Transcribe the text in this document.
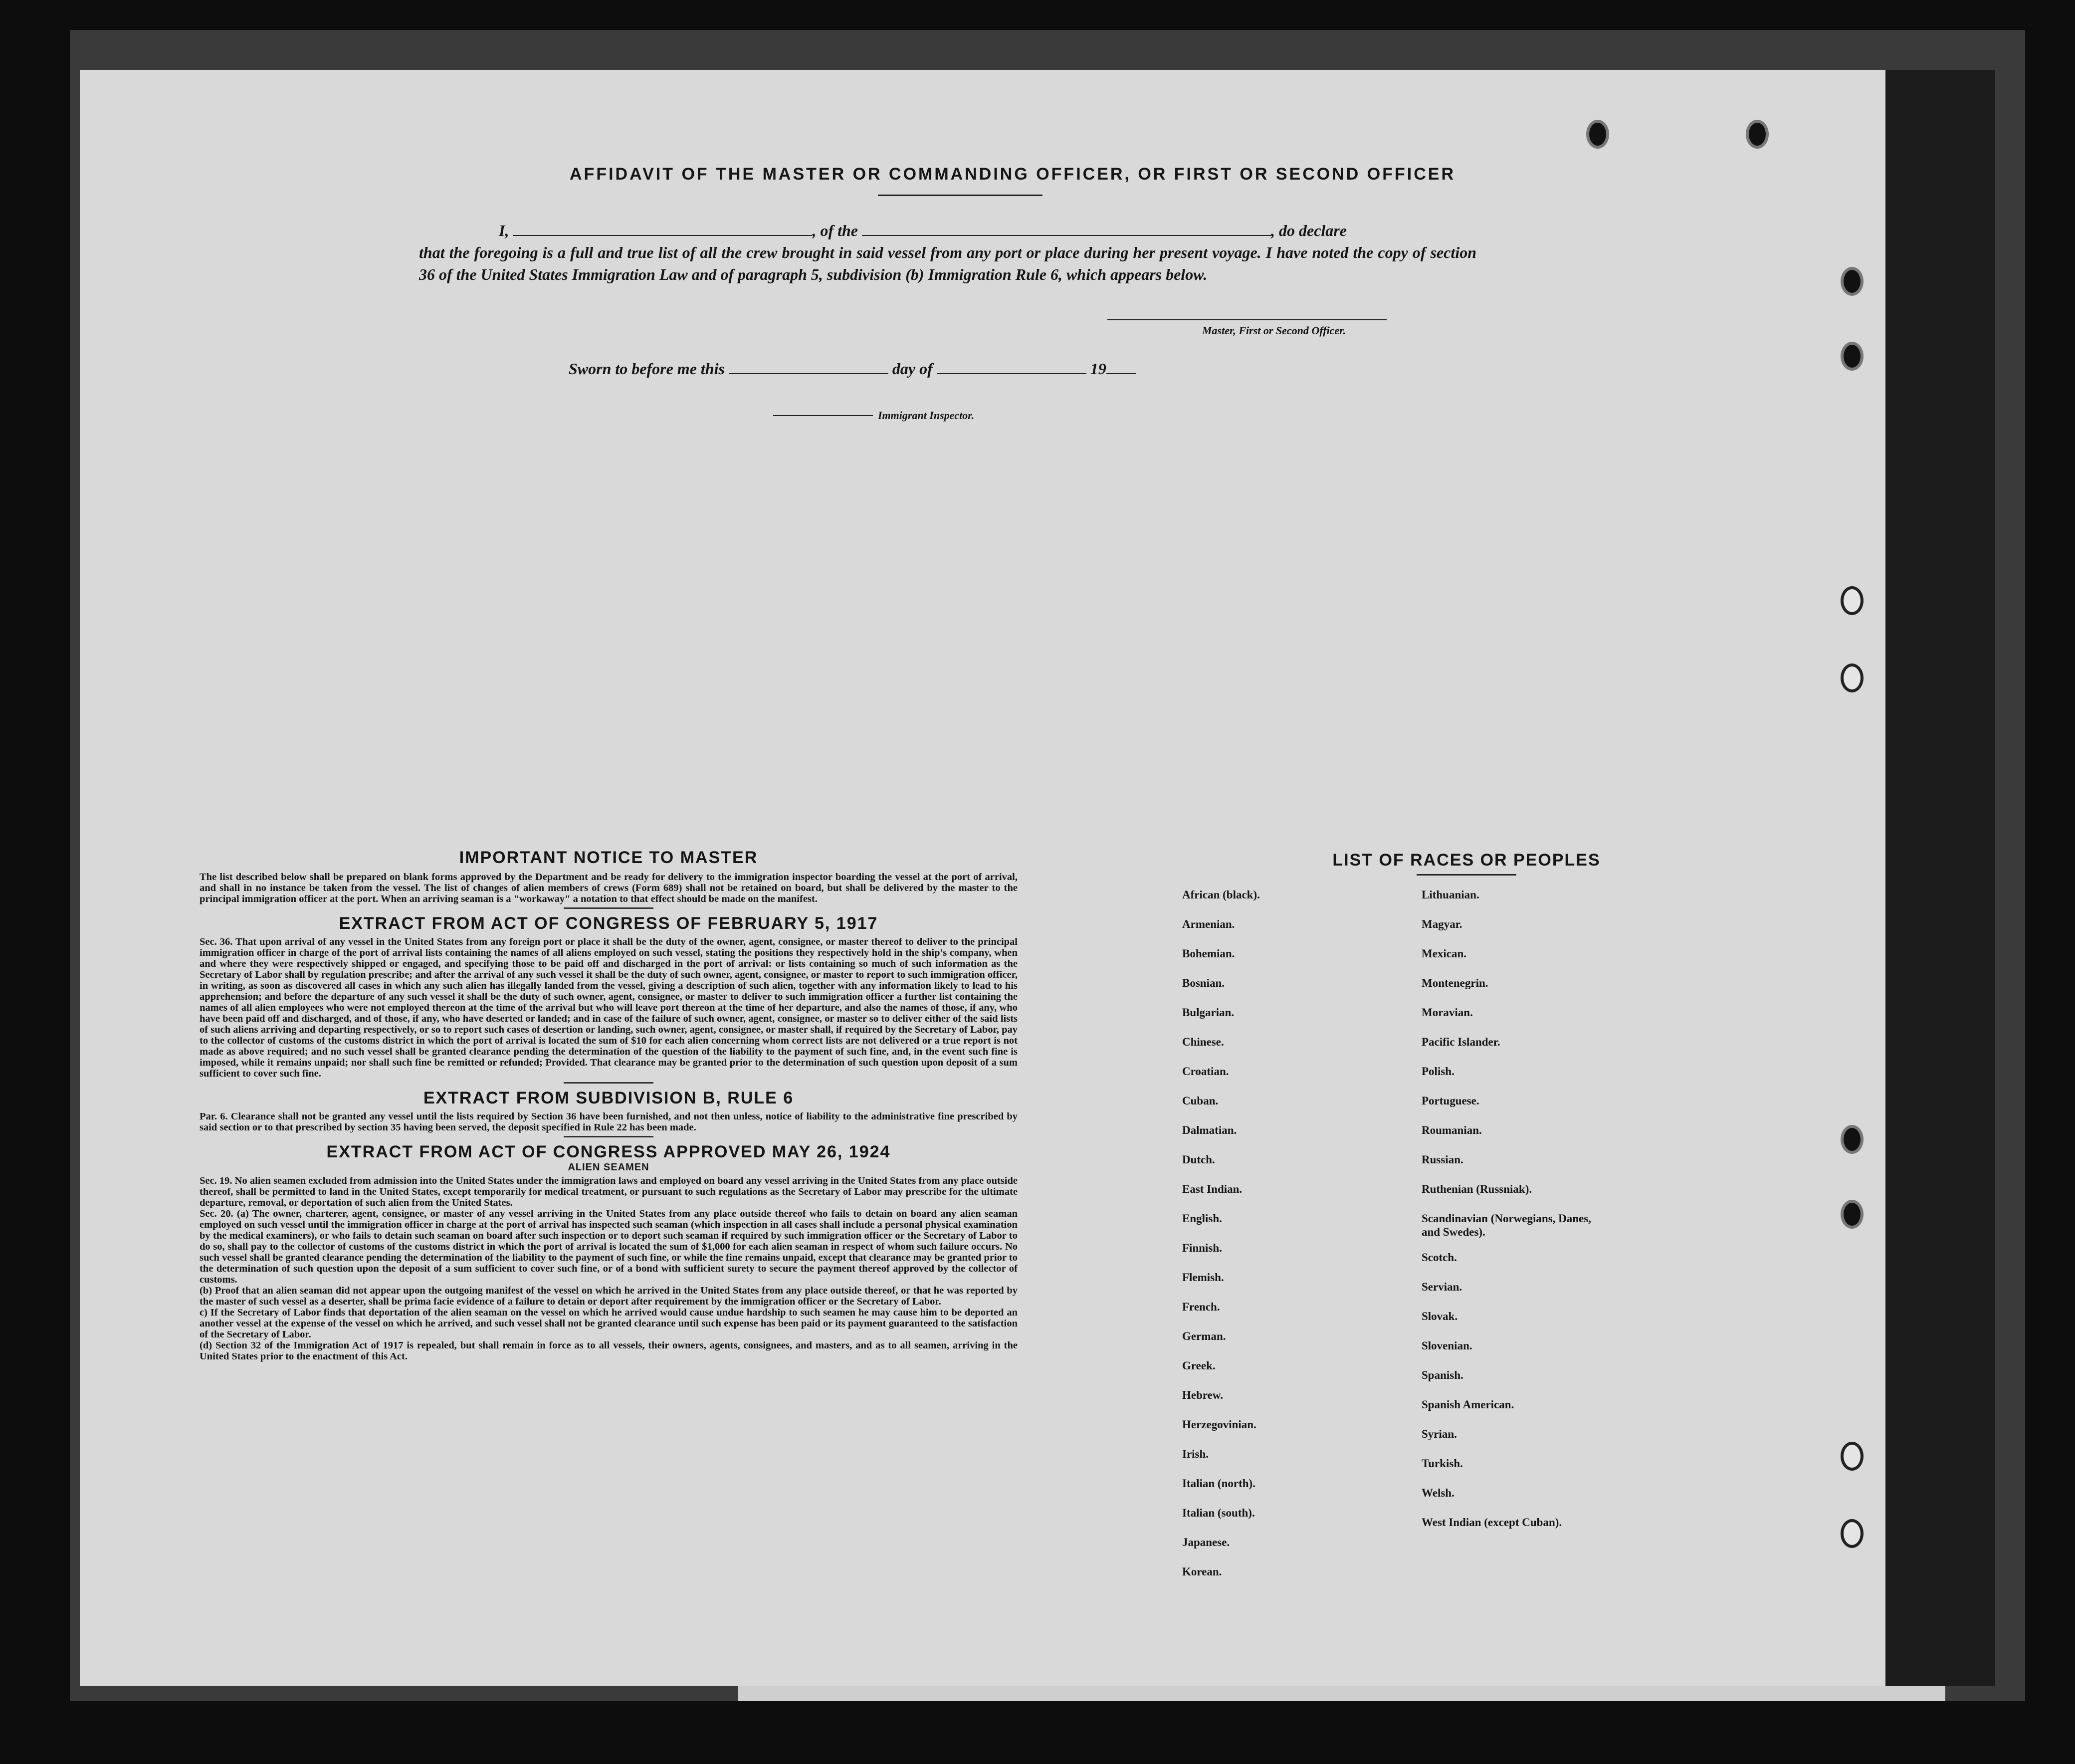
AFFIDAVIT OF THE MASTER OR COMMANDING OFFICER, OR FIRST OR SECOND OFFICER
I,	, of the	, do declare
that the foregoing is a full and true list of all the crew brought in said vessel from any port or place during her present voyage. I have noted the copy of section 36 of the United States Immigration Law and of paragraph 5, subdivision (b) Immigration Rule 6, which appears below.
Master, First or Second Officer.
Sworn to before me this	day of	19
Immigrant Inspector.
IMPORTANT NOTICE TO MASTER

The list described below shall be prepared on blank forms approved by the Department and be ready for delivery to the immigration inspector boarding the vessel at the port of arrival, and shall in no instance be taken from the vessel. The list of changes of alien members of crews (Form 689) shall not be retained on board, but shall be delivered by the master to the principal immigration officer at the port. When an arriving seaman is a "workaway" a notation to that effect should be made on the manifest.

EXTRACT FROM ACT OF CONGRESS OF FEBRUARY 5, 1917

Sec. 36. That upon arrival of any vessel in the United States from any foreign port or place it shall be the duty of the owner, agent, consignee, or master thereof to deliver to the principal immigration officer in charge of the port of arrival lists containing the names of all aliens employed on such vessel, stating the positions they respectively hold in the ship's company, when and where they were respectively shipped or engaged, and specifying those to be paid off and discharged in the port of arrival: or lists containing so much of such information as the Secretary of Labor shall by regulation prescribe; and after the arrival of any such vessel it shall be the duty of such owner, agent, consignee, or master to report to such immigration officer, in writing, as soon as discovered all cases in which any such alien has illegally landed from the vessel, giving a description of such alien, together with any information likely to lead to his apprehension; and before the departure of any such vessel it shall be the duty of such owner, agent, consignee, or master to deliver to such immigration officer a further list containing the names of all alien employees who were not employed thereon at the time of the arrival but who will leave port thereon at the time of her departure, and also the names of those, if any, who have been paid off and discharged, and of those, if any, who have deserted or landed; and in case of the failure of such owner, agent, consignee, or master so to deliver either of the said lists of such aliens arriving and departing respectively, or so to report such cases of desertion or landing, such owner, agent, consignee, or master shall, if required by the Secretary of Labor, pay to the collector of customs of the customs district in which the port of arrival is located the sum of $10 for each alien concerning whom correct lists are not delivered or a true report is not made as above required; and no such vessel shall be granted clearance pending the determination of the question of the liability to the payment of such fine, and, in the event such fine is imposed, while it remains unpaid; nor shall such fine be remitted or refunded; Provided. That clearance may be granted prior to the determination of such question upon deposit of a sum sufficient to cover such fine.

EXTRACT FROM SUBDIVISION B, RULE 6

Par. 6. Clearance shall not be granted any vessel until the lists required by Section 36 have been furnished, and not then unless, notice of liability to the administrative fine prescribed by said section or to that prescribed by section 35 having been served, the deposit specified in Rule 22 has been made.

EXTRACT FROM ACT OF CONGRESS APPROVED MAY 26, 1924
ALIEN SEAMEN

Sec. 19. No alien seamen excluded from admission into the United States under the immigration laws and employed on board any vessel arriving in the United States from any place outside thereof, shall be permitted to land in the United States, except temporarily for medical treatment, or pursuant to such regulations as the Secretary of Labor may prescribe for the ultimate departure, removal, or deportation of such alien from the United States.

Sec. 20. (a) The owner, charterer, agent, consignee, or master of any vessel arriving in the United States from any place outside thereof who fails to detain on board any alien seaman employed on such vessel until the immigration officer in charge at the port of arrival has inspected such seaman (which inspection in all cases shall include a personal physical examination by the medical examiners), or who fails to detain such seaman on board after such inspection or to deport such seaman if required by such immigration officer or the Secretary of Labor to do so, shall pay to the collector of customs of the customs district in which the port of arrival is located the sum of $1,000 for each alien seaman in respect of whom such failure occurs. No such vessel shall be granted clearance pending the determination of the liability to the payment of such fine, or while the fine remains unpaid, except that clearance may be granted prior to the determination of such question upon the deposit of a sum sufficient to cover such fine, or of a bond with sufficient surety to secure the payment thereof approved by the collector of customs.

(b) Proof that an alien seaman did not appear upon the outgoing manifest of the vessel on which he arrived in the United States from any place outside thereof, or that he was reported by the master of such vessel as a deserter, shall be prima facie evidence of a failure to detain or deport after requirement by the immigration officer or the Secretary of Labor.

c) If the Secretary of Labor finds that deportation of the alien seaman on the vessel on which he arrived would cause undue hardship to such seamen he may cause him to be deported an another vessel at the expense of the vessel on which he arrived, and such vessel shall not be granted clearance until such expense has been paid or its payment guaranteed to the satisfaction of the Secretary of Labor.

(d) Section 32 of the Immigration Act of 1917 is repealed, but shall remain in force as to all vessels, their owners, agents, consignees, and masters, and as to all seamen, arriving in the United States prior to the enactment of this Act.

LIST OF RACES OR PEOPLES
African (black).
Armenian.
Bohemian.
Bosnian.
Bulgarian.
Chinese.
Croatian.
Cuban.
Dalmatian.
Dutch.
East Indian.
English.
Finnish.
Flemish.
French.
German.
Greek.
Hebrew.
Herzegovinian.
Irish.
Italian (north).
Italian (south).
Japanese.
Korean.
Lithuanian.
Magyar.
Mexican.
Montenegrin.
Moravian.
Pacific Islander.
Polish.
Portuguese.
Roumanian.
Russian.
Ruthenian (Russniak).
Scandinavian (Norwegians, Danes, and Swedes).
Scotch.
Servian.
Slovak.
Slovenian.
Spanish.
Spanish American.
Syrian.
Turkish.
Welsh.
West Indian (except Cuban).
